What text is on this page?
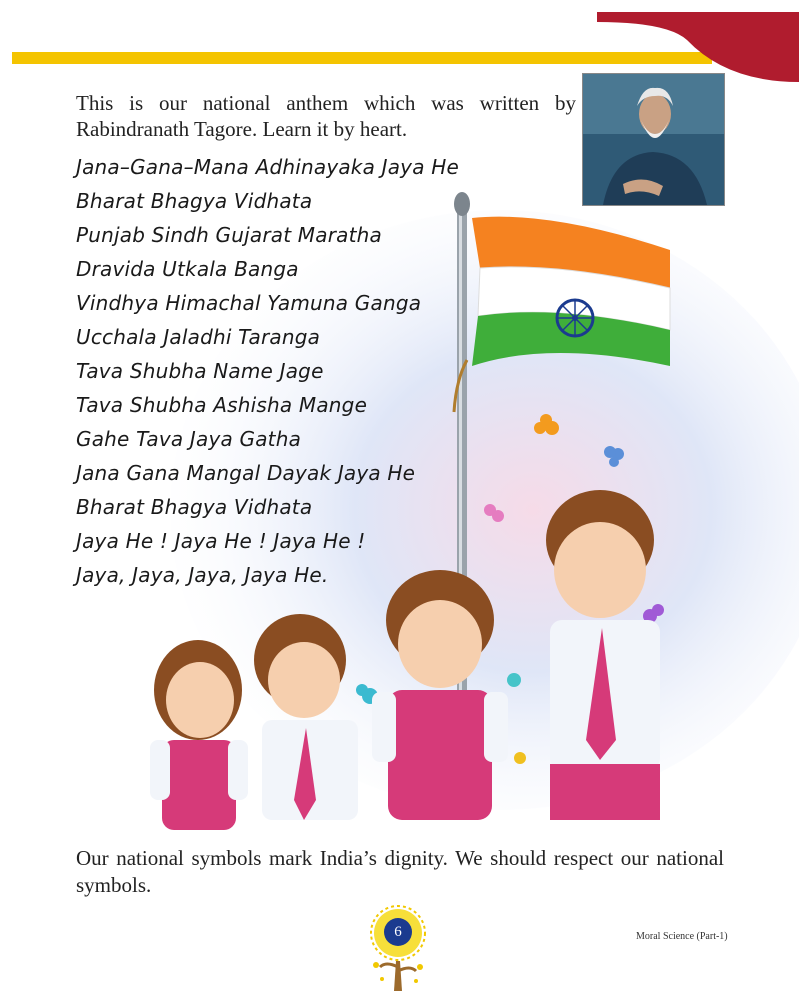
This is our national anthem which was written by Rabindranath Tagore. Learn it by heart.
Jana–Gana–Mana Adhinayaka Jaya He
Bharat Bhagya Vidhata
Punjab Sindh Gujarat Maratha
Dravida Utkala Banga
Vindhya Himachal Yamuna Ganga
Ucchala Jaladhi Taranga
Tava Shubha Name Jage
Tava Shubha Ashisha Mange
Gahe Tava Jaya Gatha
Jana Gana Mangal Dayak Jaya He
Bharat Bhagya Vidhata
Jaya He ! Jaya He ! Jaya He !
Jaya, Jaya, Jaya, Jaya He.
Our national symbols mark India’s dignity. We should respect our national symbols.
6	Moral Science (Part-1)
